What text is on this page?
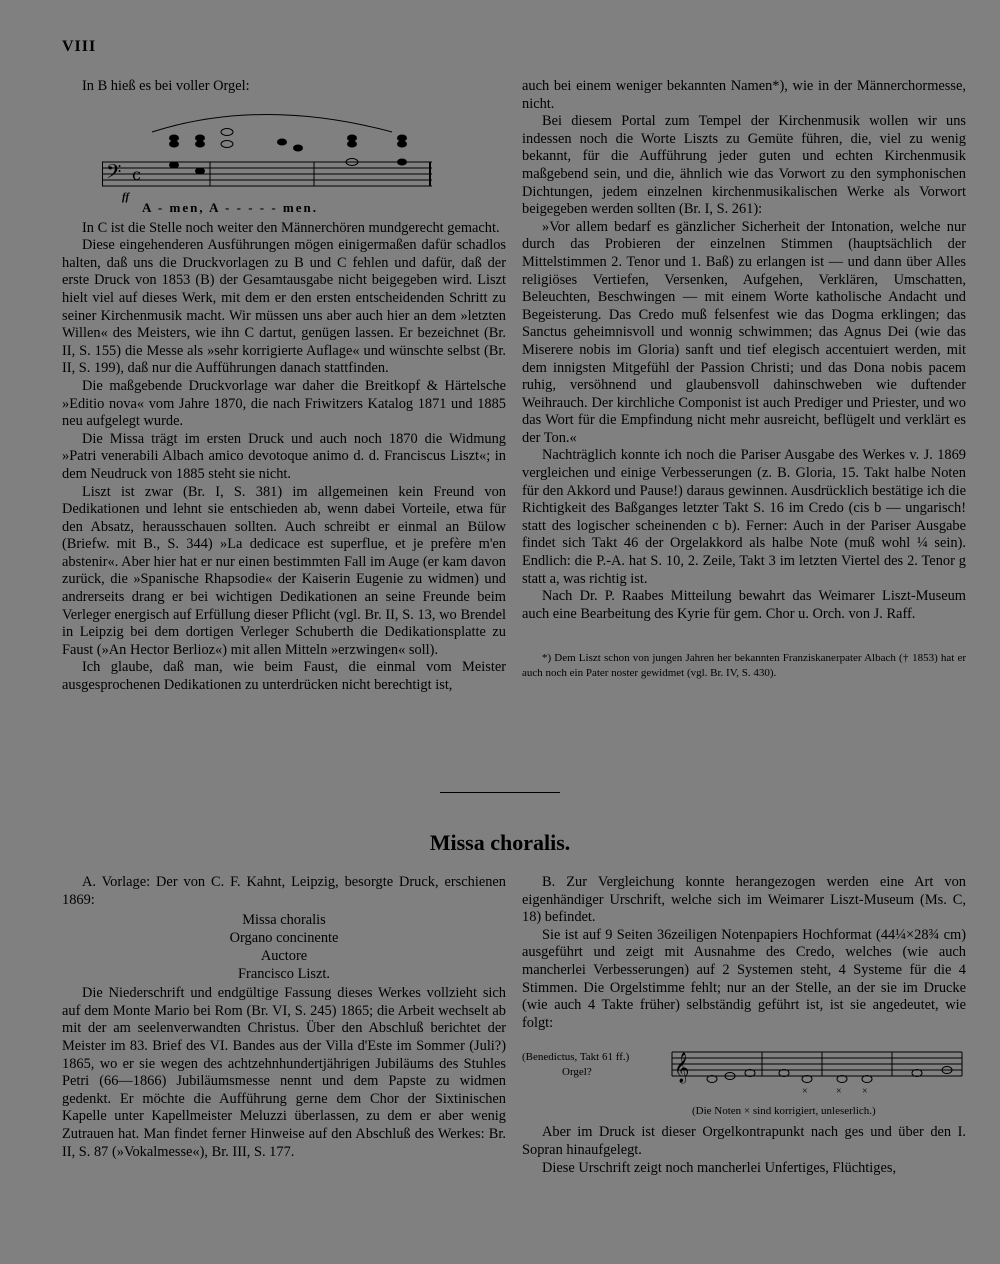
VIII

In B hieß es bei voller Orgel:

𝄢 c
ff
A - men, A - - - - - men.

In C ist die Stelle noch weiter den Männerchören mundgerecht gemacht.

Diese eingehenderen Ausführungen mögen einigermaßen dafür schadlos halten, daß uns die Druckvorlagen zu B und C fehlen und dafür, daß der erste Druck von 1853 (B) der Gesamtausgabe nicht beigegeben wird. Liszt hielt viel auf dieses Werk, mit dem er den ersten entscheidenden Schritt zu seiner Kirchenmusik macht. Wir müssen uns aber auch hier an dem »letzten Willen« des Meisters, wie ihn C dartut, genügen lassen. Er bezeichnet (Br. II, S. 155) die Messe als »sehr korrigierte Auflage« und wünschte selbst (Br. II, S. 199), daß nur die Aufführungen danach stattfinden.

Die maßgebende Druckvorlage war daher die Breitkopf & Härtelsche »Editio nova« vom Jahre 1870, die nach Friwitzers Katalog 1871 und 1885 neu aufgelegt wurde.

Die Missa trägt im ersten Druck und auch noch 1870 die Widmung »Patri venerabili Albach amico devotoque animo d. d. Franciscus Liszt«; in dem Neudruck von 1885 steht sie nicht.

Liszt ist zwar (Br. I, S. 381) im allgemeinen kein Freund von Dedikationen und lehnt sie entschieden ab, wenn dabei Vorteile, etwa für den Absatz, herausschauen sollten. Auch schreibt er einmal an Bülow (Briefw. mit B., S. 344) »La dedicace est superflue, et je prefère m'en abstenir«. Aber hier hat er nur einen bestimmten Fall im Auge (er kam davon zurück, die »Spanische Rhapsodie« der Kaiserin Eugenie zu widmen) und andrerseits drang er bei wichtigen Dedikationen an seine Freunde beim Verleger energisch auf Erfüllung dieser Pflicht (vgl. Br. II, S. 13, wo Brendel in Leipzig bei dem dortigen Verleger Schuberth die Dedikationsplatte zu Faust (»An Hector Berlioz«) mit allen Mitteln »erzwingen« soll).

Ich glaube, daß man, wie beim Faust, die einmal vom Meister ausgesprochenen Dedikationen zu unterdrücken nicht berechtigt ist,

auch bei einem weniger bekannten Namen*), wie in der Männerchormesse, nicht.

Bei diesem Portal zum Tempel der Kirchenmusik wollen wir uns indessen noch die Worte Liszts zu Gemüte führen, die, viel zu wenig bekannt, für die Aufführung jeder guten und echten Kirchenmusik maßgebend sein, und die, ähnlich wie das Vorwort zu den symphonischen Dichtungen, jedem einzelnen kirchenmusikalischen Werke als Vorwort beigegeben werden sollten (Br. I, S. 261):

»Vor allem bedarf es gänzlicher Sicherheit der Intonation, welche nur durch das Probieren der einzelnen Stimmen (hauptsächlich der Mittelstimmen 2. Tenor und 1. Baß) zu erlangen ist — und dann über Alles religiöses Vertiefen, Versenken, Aufgehen, Verklären, Umschatten, Beleuchten, Beschwingen — mit einem Worte katholische Andacht und Begeisterung. Das Credo muß felsenfest wie das Dogma erklingen; das Sanctus geheimnisvoll und wonnig schwimmen; das Agnus Dei (wie das Miserere nobis im Gloria) sanft und tief elegisch accentuiert werden, mit dem innigsten Mitgefühl der Passion Christi; und das Dona nobis pacem ruhig, versöhnend und glaubensvoll dahinschweben wie duftender Weihrauch. Der kirchliche Componist ist auch Prediger und Priester, und wo das Wort für die Empfindung nicht mehr ausreicht, beflügelt und verklärt es der Ton.«

Nachträglich konnte ich noch die Pariser Ausgabe des Werkes v. J. 1869 vergleichen und einige Verbesserungen (z. B. Gloria, 15. Takt halbe Noten für den Akkord und Pause!) daraus gewinnen. Ausdrücklich bestätige ich die Richtigkeit des Baßganges letzter Takt S. 16 im Credo (cis b — ungarisch! statt des logischer scheinenden c b). Ferner: Auch in der Pariser Ausgabe findet sich Takt 46 der Orgelakkord als halbe Note (muß wohl ¼ sein). Endlich: die P.-A. hat S. 10, 2. Zeile, Takt 3 im letzten Viertel des 2. Tenor g statt a, was richtig ist.

Nach Dr. P. Raabes Mitteilung bewahrt das Weimarer Liszt-Museum auch eine Bearbeitung des Kyrie für gem. Chor u. Orch. von J. Raff.

*) Dem Liszt schon von jungen Jahren her bekannten Franziskanerpater Albach († 1853) hat er auch noch ein Pater noster gewidmet (vgl. Br. IV, S. 430).
Missa choralis.

A. Vorlage: Der von C. F. Kahnt, Leipzig, besorgte Druck, erschienen 1869:

Missa choralis
Organo concinente
Auctore
Francisco Liszt.

Die Niederschrift und endgültige Fassung dieses Werkes vollzieht sich auf dem Monte Mario bei Rom (Br. VI, S. 245) 1865; die Arbeit wechselt ab mit der am seelenverwandten Christus. Über den Abschluß berichtet der Meister im 83. Brief des VI. Bandes aus der Villa d'Este im Sommer (Juli?) 1865, wo er sie wegen des achtzehnhundertjährigen Jubiläums des Stuhles Petri (66—1866) Jubiläumsmesse nennt und dem Papste zu widmen gedenkt. Er möchte die Aufführung gerne dem Chor der Sixtinischen Kapelle unter Kapellmeister Meluzzi überlassen, zu dem er aber wenig Zutrauen hat. Man findet ferner Hinweise auf den Abschluß des Werkes: Br. II, S. 87 (»Vokalmesse«), Br. III, S. 177.

B. Zur Vergleichung konnte herangezogen werden eine Art von eigenhändiger Urschrift, welche sich im Weimarer Liszt-Museum (Ms. C, 18) befindet.

Sie ist auf 9 Seiten 36zeiligen Notenpapiers Hochformat (44¼×28¾ cm) ausgeführt und zeigt mit Ausnahme des Credo, welches (wie auch mancherlei Verbesserungen) auf 2 Systemen steht, 4 Systeme für die 4 Stimmen. Die Orgelstimme fehlt; nur an der Stelle, an der sie im Drucke (wie auch 4 Takte früher) selbständig geführt ist, ist sie angedeutet, wie folgt:

(Benedictus, Takt 61 ff.)
Orgel?	𝄞
×	× ×
(Die Noten × sind korrigiert, unleserlich.)

Aber im Druck ist dieser Orgelkontrapunkt nach ges und über den I. Sopran hinaufgelegt.

Diese Urschrift zeigt noch mancherlei Unfertiges, Flüchtiges,
